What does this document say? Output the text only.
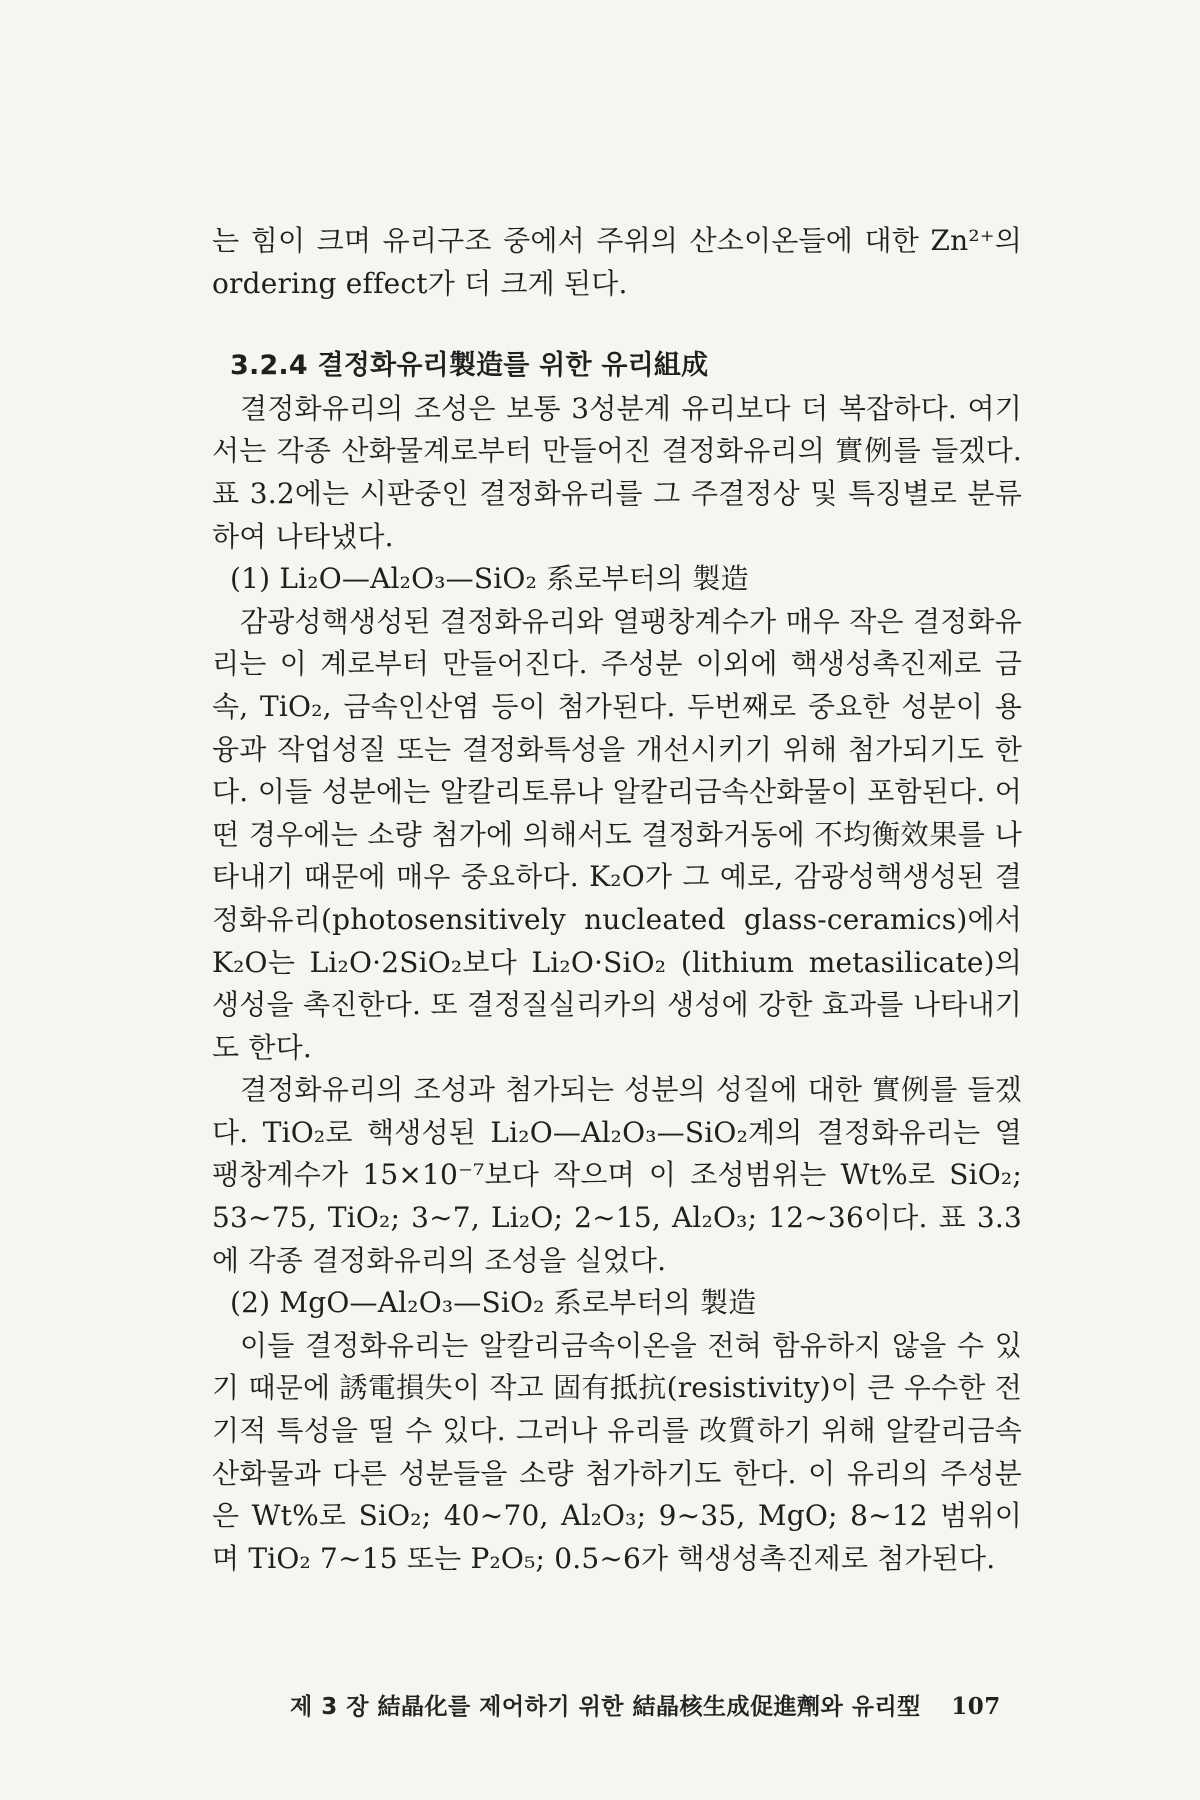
는 힘이 크며 유리구조 중에서 주위의 산소이온들에 대한 Zn²⁺의 ordering effect가 더 크게 된다.

3.2.4 결정화유리製造를 위한 유리組成

결정화유리의 조성은 보통 3성분계 유리보다 더 복잡하다. 여기서는 각종 산화물계로부터 만들어진 결정화유리의 實例를 들겠다. 표 3.2에는 시판중인 결정화유리를 그 주결정상 및 특징별로 분류하여 나타냈다.

(1) Li₂O—Al₂O₃—SiO₂ 系로부터의 製造

감광성핵생성된 결정화유리와 열팽창계수가 매우 작은 결정화유리는 이 계로부터 만들어진다. 주성분 이외에 핵생성촉진제로 금속, TiO₂, 금속인산염 등이 첨가된다. 두번째로 중요한 성분이 용융과 작업성질 또는 결정화특성을 개선시키기 위해 첨가되기도 한다. 이들 성분에는 알칼리토류나 알칼리금속산화물이 포함된다. 어떤 경우에는 소량 첨가에 의해서도 결정화거동에 不均衡效果를 나타내기 때문에 매우 중요하다. K₂O가 그 예로, 감광성핵생성된 결정화유리(photosensitively nucleated glass-ceramics)에서 K₂O는 Li₂O·2SiO₂보다 Li₂O·SiO₂ (lithium metasilicate)의 생성을 촉진한다. 또 결정질실리카의 생성에 강한 효과를 나타내기도 한다.

결정화유리의 조성과 첨가되는 성분의 성질에 대한 實例를 들겠다. TiO₂로 핵생성된 Li₂O—Al₂O₃—SiO₂계의 결정화유리는 열팽창계수가 15×10⁻⁷보다 작으며 이 조성범위는 Wt%로 SiO₂; 53∼75, TiO₂; 3∼7, Li₂O; 2∼15, Al₂O₃; 12∼36이다. 표 3.3에 각종 결정화유리의 조성을 실었다.

(2) MgO—Al₂O₃—SiO₂ 系로부터의 製造

이들 결정화유리는 알칼리금속이온을 전혀 함유하지 않을 수 있기 때문에 誘電損失이 작고 固有抵抗(resistivity)이 큰 우수한 전기적 특성을 띨 수 있다. 그러나 유리를 改質하기 위해 알칼리금속산화물과 다른 성분들을 소량 첨가하기도 한다. 이 유리의 주성분은 Wt%로 SiO₂; 40∼70, Al₂O₃; 9∼35, MgO; 8∼12 범위이며 TiO₂ 7∼15 또는 P₂O₅; 0.5∼6가 핵생성촉진제로 첨가된다.

제 3 장 結晶化를 제어하기 위한 結晶核生成促進劑와 유리型 107
